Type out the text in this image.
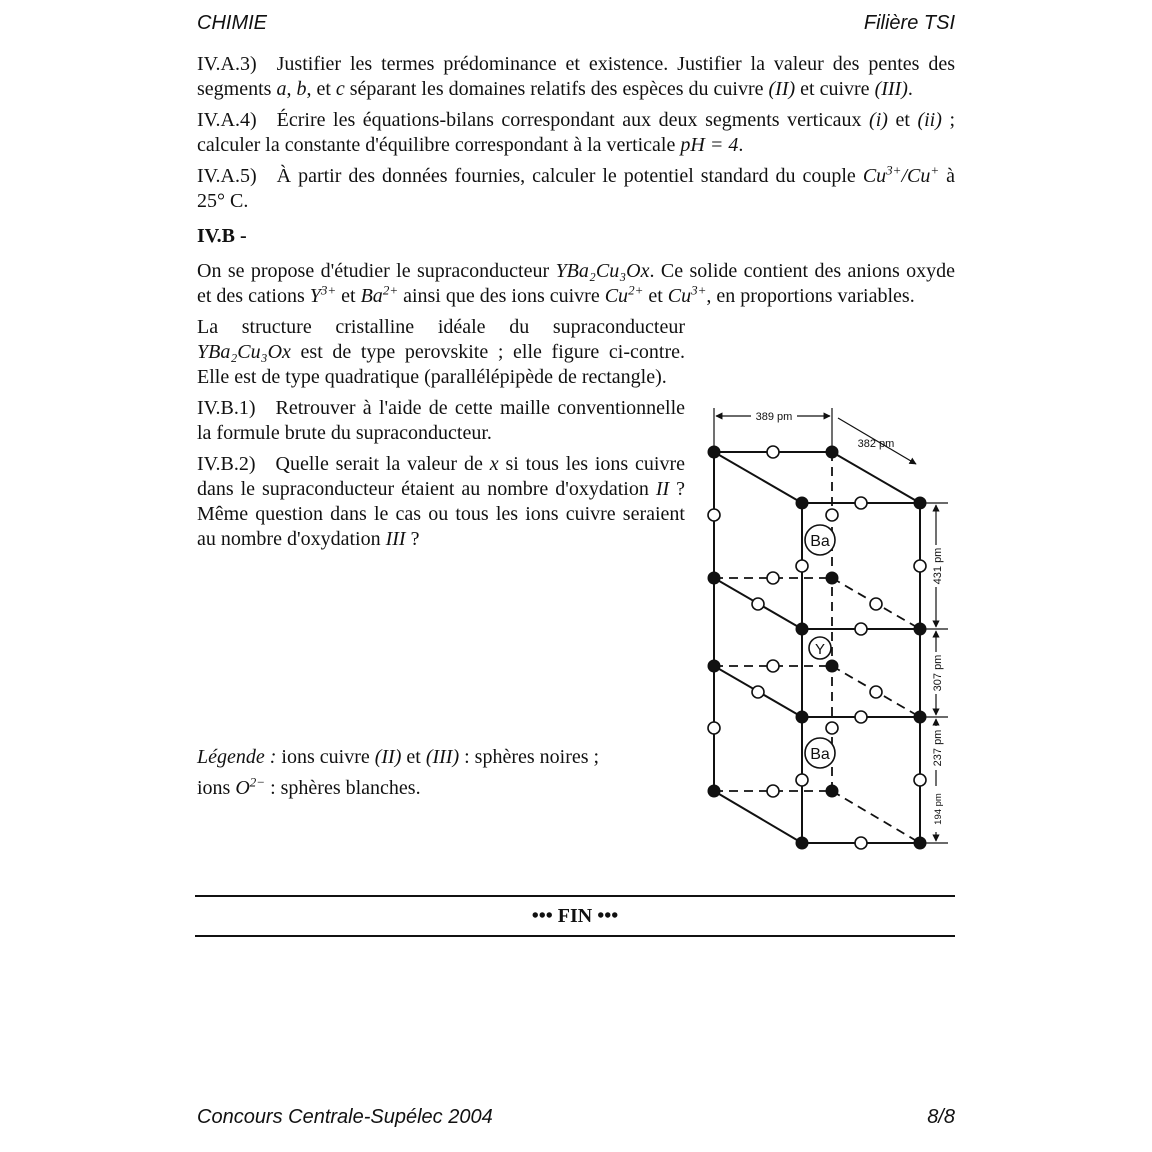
CHIMIE	Filière TSI

IV.A.3) Justifier les termes prédominance et existence. Justifier la valeur des pentes des segments a, b, et c séparant les domaines relatifs des espèces du cuivre (II) et cuivre (III).

IV.A.4) Écrire les équations-bilans correspondant aux deux segments verticaux (i) et (ii) ; calculer la constante d'équilibre correspondant à la verticale pH = 4.

IV.A.5) À partir des données fournies, calculer le potentiel standard du couple $Cu^{3+}/Cu^+$ à 25° C.

IV.B -

On se propose d'étudier le supraconducteur YBa₂Cu₃Ox. Ce solide contient des anions oxyde et des cations $Y^{3+}$ et $Ba^{2+}$ ainsi que des ions cuivre $Cu^{2+}$ et $Cu^{3+}$, en proportions variables.

La structure cristalline idéale du supraconducteur YBa₂Cu₃Ox est de type perovskite ; elle figure ci-contre. Elle est de type quadratique (parallélépipède de rectangle).

IV.B.1) Retrouver à l'aide de cette maille conventionnelle la formule brute du supraconducteur.

IV.B.2) Quelle serait la valeur de x si tous les ions cuivre dans le supraconducteur étaient au nombre d'oxydation II ? Même question dans le cas ou tous les ions cuivre seraient au nombre d'oxydation III ?

Légende : ions cuivre (II) et (III) : sphères noires ;
ions $O^{2-}$ : sphères blanches.
389 pm
382 pm
431 pm
307 pm
237 pm
194 pm
Ba
Y
Ba
••• FIN •••
Concours Centrale-Supélec 2004	8/8
